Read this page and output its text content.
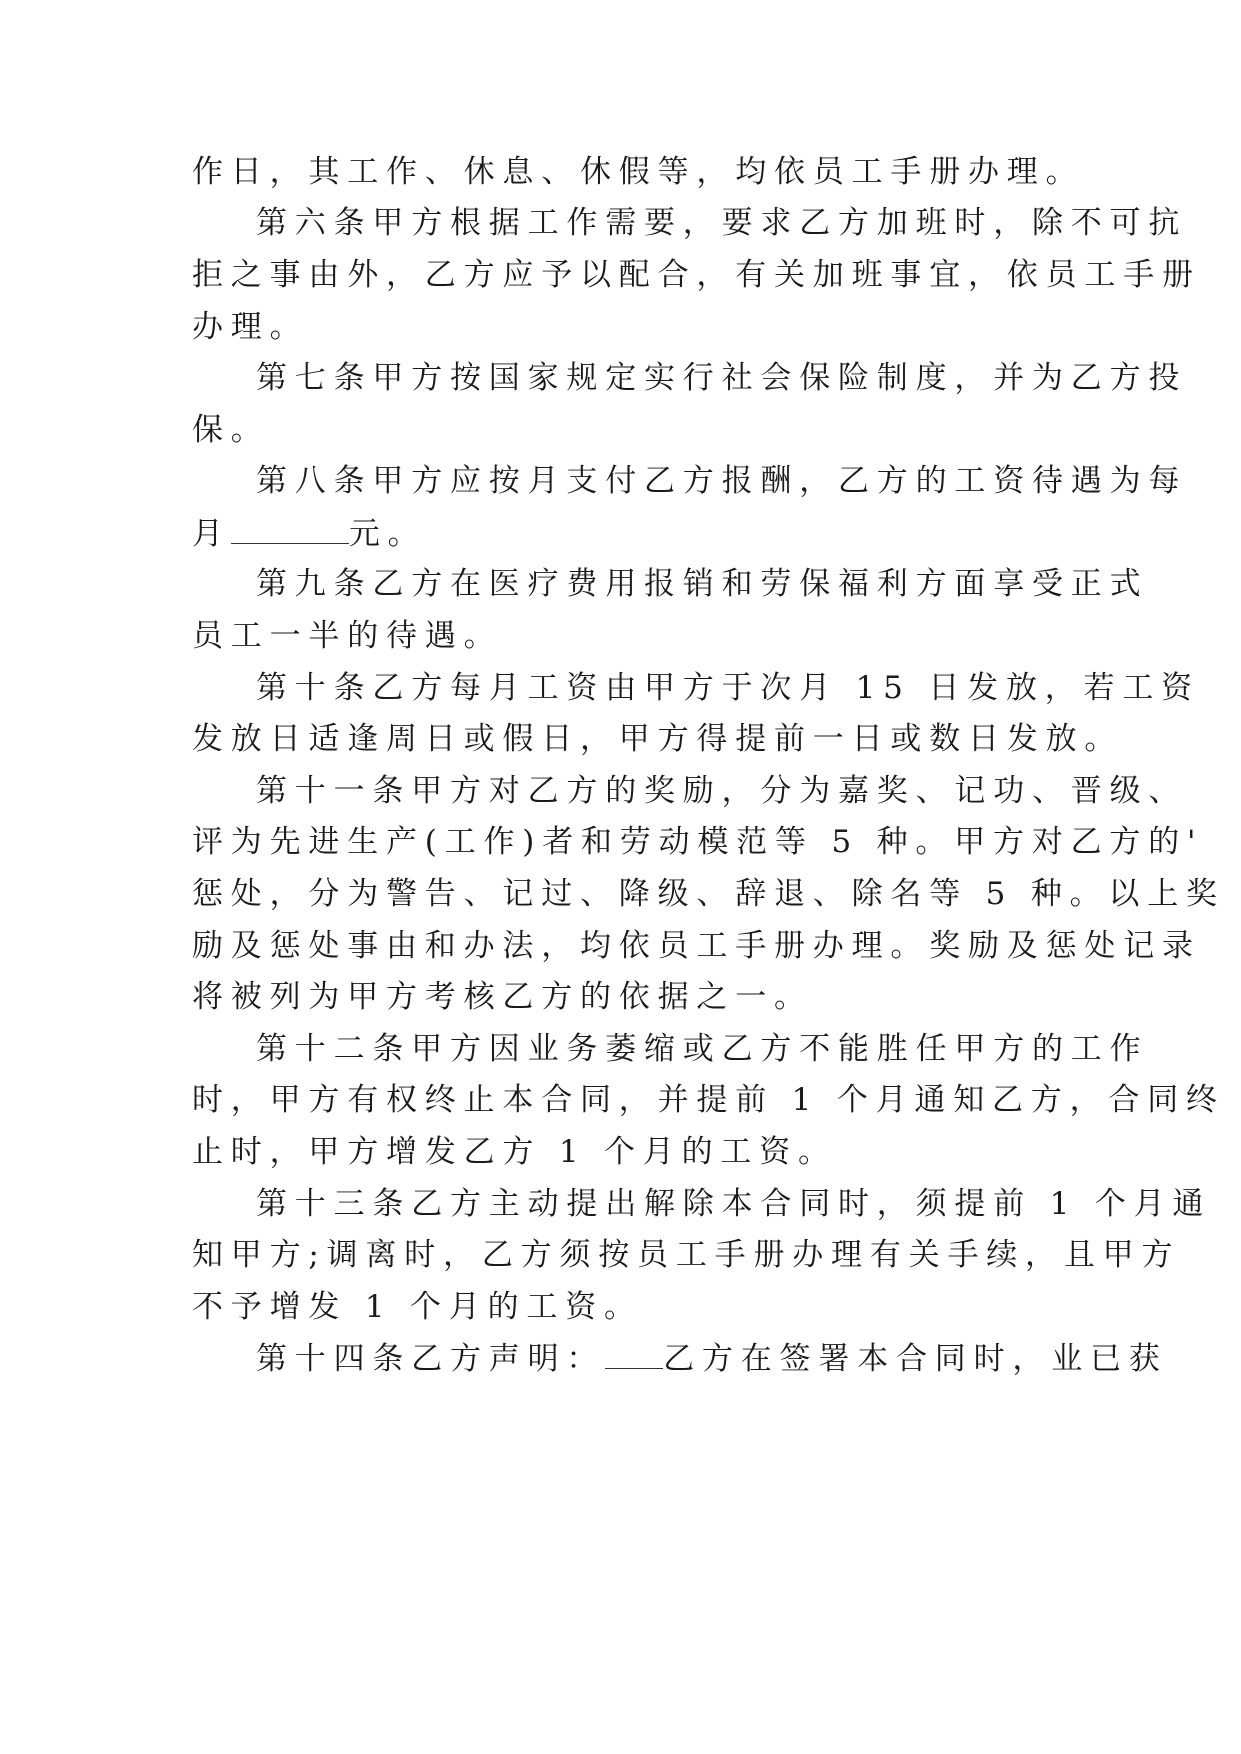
作日，其工作、休息、休假等，均依员工手册办理。
第六条甲方根据工作需要，要求乙方加班时，除不可抗
拒之事由外，乙方应予以配合，有关加班事宜，依员工手册
办理。
第七条甲方按国家规定实行社会保险制度，并为乙方投
保。
第八条甲方应按月支付乙方报酬，乙方的工资待遇为每
月	元。
第九条乙方在医疗费用报销和劳保福利方面享受正式
员工一半的待遇。
第十条乙方每月工资由甲方于次月 15 日发放，若工资
发放日适逢周日或假日，甲方得提前一日或数日发放。
第十一条甲方对乙方的奖励，分为嘉奖、记功、晋级、
评为先进生产(工作)者和劳动模范等 5 种。甲方对乙方的'
惩处，分为警告、记过、降级、辞退、除名等 5 种。以上奖
励及惩处事由和办法，均依员工手册办理。奖励及惩处记录
将被列为甲方考核乙方的依据之一。
第十二条甲方因业务萎缩或乙方不能胜任甲方的工作
时，甲方有权终止本合同，并提前 1 个月通知乙方，合同终
止时，甲方增发乙方 1 个月的工资。
第十三条乙方主动提出解除本合同时，须提前 1 个月通
知甲方;调离时，乙方须按员工手册办理有关手续，且甲方
不予增发 1 个月的工资。
第十四条乙方声明： 乙方在签署本合同时，业已获
